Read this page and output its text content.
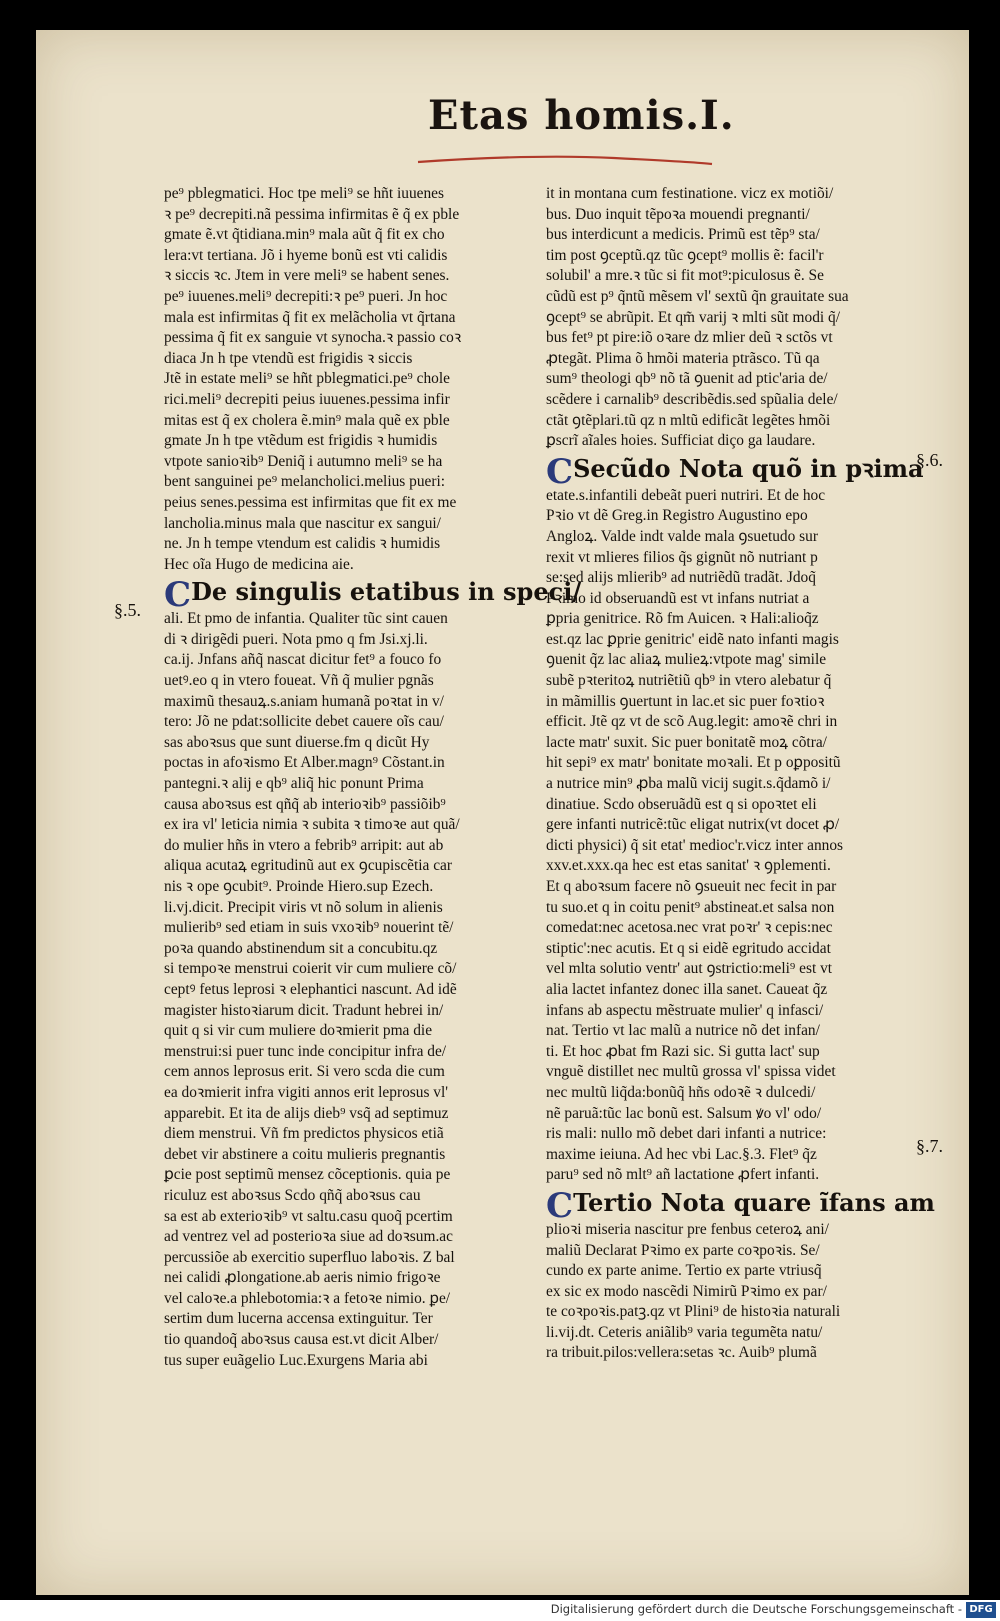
Etas homis.I.
pe⁹ pblegmatici. Hoc tpe meli⁹ se hñt iuuenes
ꝛ pe⁹ decrepiti.nã pessima infirmitas ẽ q̃ ex pble
gmate ẽ.vt q̃tidiana.min⁹ mala aũt q̃ fit ex cho
lera:vt tertiana. Jõ i hyeme bonũ est vti calidis
ꝛ siccis ꝛc. Jtem in vere meli⁹ se habent senes.
pe⁹ iuuenes.meli⁹ decrepiti:ꝛ pe⁹ pueri. Jn hoc
mala est infirmitas q̃ fit ex melãcholia vt q̃rtana
pessima q̃ fit ex sanguie vt synocha.ꝛ passio coꝛ
diaca Jn h tpe vtendũ est frigidis ꝛ siccis
Jtẽ in estate meli⁹ se hñt pblegmatici.pe⁹ chole
rici.meli⁹ decrepiti peius iuuenes.pessima infir
mitas est q̃ ex cholera ẽ.min⁹ mala quẽ ex pble
gmate Jn h tpe vtẽdum est frigidis ꝛ humidis
vtpote sanioꝛib⁹ Deniq̃ i autumno meli⁹ se ha
bent sanguinei pe⁹ melancholici.melius pueri:
peius senes.pessima est infirmitas que fit ex me
lancholia.minus mala que nascitur ex sangui/
ne. Jn h tempe vtendum est calidis ꝛ humidis
Hec oĩa Hugo de medicina aie.
CDe singulis etatibus in speci/
ali. Et pmo de infantia. Qualiter tũc sint cauen
di ꝛ dirigẽdi pueri. Nota pmo q fm Jsi.xj.li.
ca.ij. Jnfans añq̃ nascat dicitur fet⁹ a fouco fo
uetꝰ.eo q in vtero foueat. Vñ q̃ mulier pgnãs
maximũ thesauꝝ.s.aniam humanã poꝛtat in v/
tero: Jõ ne pdat:sollicite debet cauere oĩs cau/
sas aboꝛsus que sunt diuerse.fm q dicũt Hy
poctas in afoꝛismo Et Alber.magn⁹ Cõstant.in
pantegni.ꝛ alij e qb⁹ aliq̃ hic ponunt Prima
causa aboꝛsus est qñq̃ ab interioꝛib⁹ passiõib⁹
ex ira vl' leticia nimia ꝛ subita ꝛ timoꝛe aut quã/
do mulier hñs in vtero a febrib⁹ arripit: aut ab
aliqua acutaꝝ egritudinũ aut ex ꝯcupiscẽtia car
nis ꝛ ope ꝯcubit⁹. Proinde Hiero.sup Ezech.
li.vj.dicit. Precipit viris vt nõ solum in alienis
mulierib⁹ sed etiam in suis vxoꝛib⁹ nouerint tẽ/
poꝛa quando abstinendum sit a concubitu.qz
si tempoꝛe menstrui coierit vir cum muliere cõ/
ceptꝰ fetus leprosi ꝛ elephantici nascunt. Ad idẽ
magister histoꝛiarum dicit. Tradunt hebrei in/
quit q si vir cum muliere doꝛmierit pma die
menstrui:si puer tunc inde concipitur infra de/
cem annos leprosus erit. Si vero scda die cum
ea doꝛmierit infra vigiti annos erit leprosus vl'
apparebit. Et ita de alijs dieb⁹ vsq̃ ad septimuz
diem menstrui. Vñ fm predictos physicos etiã
debet vir abstinere a coitu mulieris pregnantis
ꝑcie post septimũ mensez cõceptionis. quia pe
riculuz est aboꝛsus Scdo qñq̃ aboꝛsus cau
sa est ab exterioꝛib⁹ vt saltu.casu quoq̃ pcertim
ad ventrez vel ad posterioꝛa siue ad doꝛsum.ac
percussiõe ab exercitio superfluo laboꝛis. Z bal
nei calidi ꝓlongatione.ab aeris nimio frigoꝛe
vel caloꝛe.a phlebotomia:ꝛ a fetoꝛe nimio. ꝑe/
sertim dum lucerna accensa extinguitur. Ter
tio quandoq̃ aboꝛsus causa est.vt dicit Alber/
tus super euãgelio Luc.Exurgens Maria abi
§.5.
it in montana cum festinatione. vicz ex motiõi/
bus. Duo inquit tẽpoꝛa mouendi pregnanti/
bus interdicunt a medicis. Primũ est tẽp⁹ sta/
tim post ꝯceptũ.qz tũc ꝯcept⁹ mollis ẽ: facil'r
solubil' a mre.ꝛ tũc si fit mot⁹:piculosus ẽ. Se
cũdũ est p⁹ q̃ntũ mẽsem vl' sextũ q̃n grauitate sua
ꝯcept⁹ se abrũpit. Et qm̃ varij ꝛ mlti sũt modi q̃/
bus fet⁹ pt pire:iõ oꝛare dz mlier deũ ꝛ sctõs vt
ꝓtegãt. Plima õ hmõi materia ptrãsco. Tũ qa
sum⁹ theologi qb⁹ nõ tã ꝯuenit ad ptic'aria de/
scẽdere i carnalib⁹ describẽdis.sed spũalia dele/
ctãt ꝯtẽplari.tũ qz n mltũ edificãt legẽtes hmõi
ꝑscrĩ aĩales hoies. Sufficiat diço ga laudare.
CSecũdo Nota quõ in pꝛima
etate.s.infantili debeãt pueri nutriri. Et de hoc
Pꝛio vt dẽ Greg.in Registro Augustino epo
Angloꝝ. Valde indt valde mala ꝯsuetudo sur
rexit vt mlieres filios q̃s gignũt nõ nutriant p
se:sed alijs mlierib⁹ ad nutriẽdũ tradãt. Jdoq̃
Pꝛimo id obseruandũ est vt infans nutriat a
ꝑpria genitrice. Rõ fm Auicen. ꝛ Hali:alioq̃z
est.qz lac ꝑprie genitric' eidẽ nato infanti magis
ꝯuenit q̃z lac aliaꝝ mulieꝝ:vtpote mag' simile
subẽ pꝛteritoꝝ nutriẽtiũ qb⁹ in vtero alebatur q̃
in mãmillis ꝯuertunt in lac.et sic puer foꝛtioꝛ
efficit. Jtẽ qz vt de scõ Aug.legit: amoꝛẽ chri in
lacte matr' suxit. Sic puer bonitatẽ moꝝ cõtra/
hit sepi⁹ ex matr' bonitate moꝛali. Et p oꝑpositũ
a nutrice min⁹ ꝓba malũ vicij sugit.s.q̃damõ i/
dinatiue. Scdo obseruãdũ est q si opoꝛtet eli
gere infanti nutricẽ:tũc eligat nutrix(vt docet ꝓ/
dicti physici) q̃ sit etat' medioc'r.vicz inter annos
xxv.et.xxx.qa hec est etas sanitat' ꝛ ꝯplementi.
Et q aboꝛsum facere nõ ꝯsueuit nec fecit in par
tu suo.et q in coitu penit⁹ abstineat.et salsa non
comedat:nec acetosa.nec vrat poꝛr' ꝛ cepis:nec
stiptic':nec acutis. Et q si eidẽ egritudo accidat
vel mlta solutio ventr' aut ꝯstrictio:meli⁹ est vt
alia lactet infantez donec illa sanet. Caueat q̃z
infans ab aspectu mẽstruate mulier' q infasci/
nat. Tertio vt lac malũ a nutrice nõ det infan/
ti. Et hoc ꝓbat fm Razi sic. Si gutta lact' sup
vnguẽ distillet nec multũ grossa vl' spissa videt
nec multũ liq̃da:bonũq̃ hñs odoꝛẽ ꝛ dulcedi/
nẽ paruã:tũc lac bonũ est. Salsum ꝟo vl' odo/
ris mali: nullo mõ debet dari infanti a nutrice:
maxime ieiuna. Ad hec vbi Lac.§.3. Flet⁹ q̃z
paru⁹ sed nõ mlt⁹ añ lactatione ꝓfert infanti.
CTertio Nota quare ĩfans am
plioꝛi miseria nascitur pre fenbus ceteroꝝ ani/
maliũ Declarat Pꝛimo ex parte coꝛpoꝛis. Se/
cundo ex parte anime. Tertio ex parte vtriusq̃
ex sic ex modo nascẽdi Nimirũ Pꝛimo ex par/
te coꝛpoꝛis.patꝫ.qz vt Plini⁹ de histoꝛia naturali
li.vij.dt. Ceteris aniãlib⁹ varia tegumẽta natu/
ra tribuit.pilos:vellera:setas ꝛc. Auib⁹ plumã
§.6.
§.7.
Digitalisierung gefördert durch die Deutsche Forschungsgemeinschaft - DFG
